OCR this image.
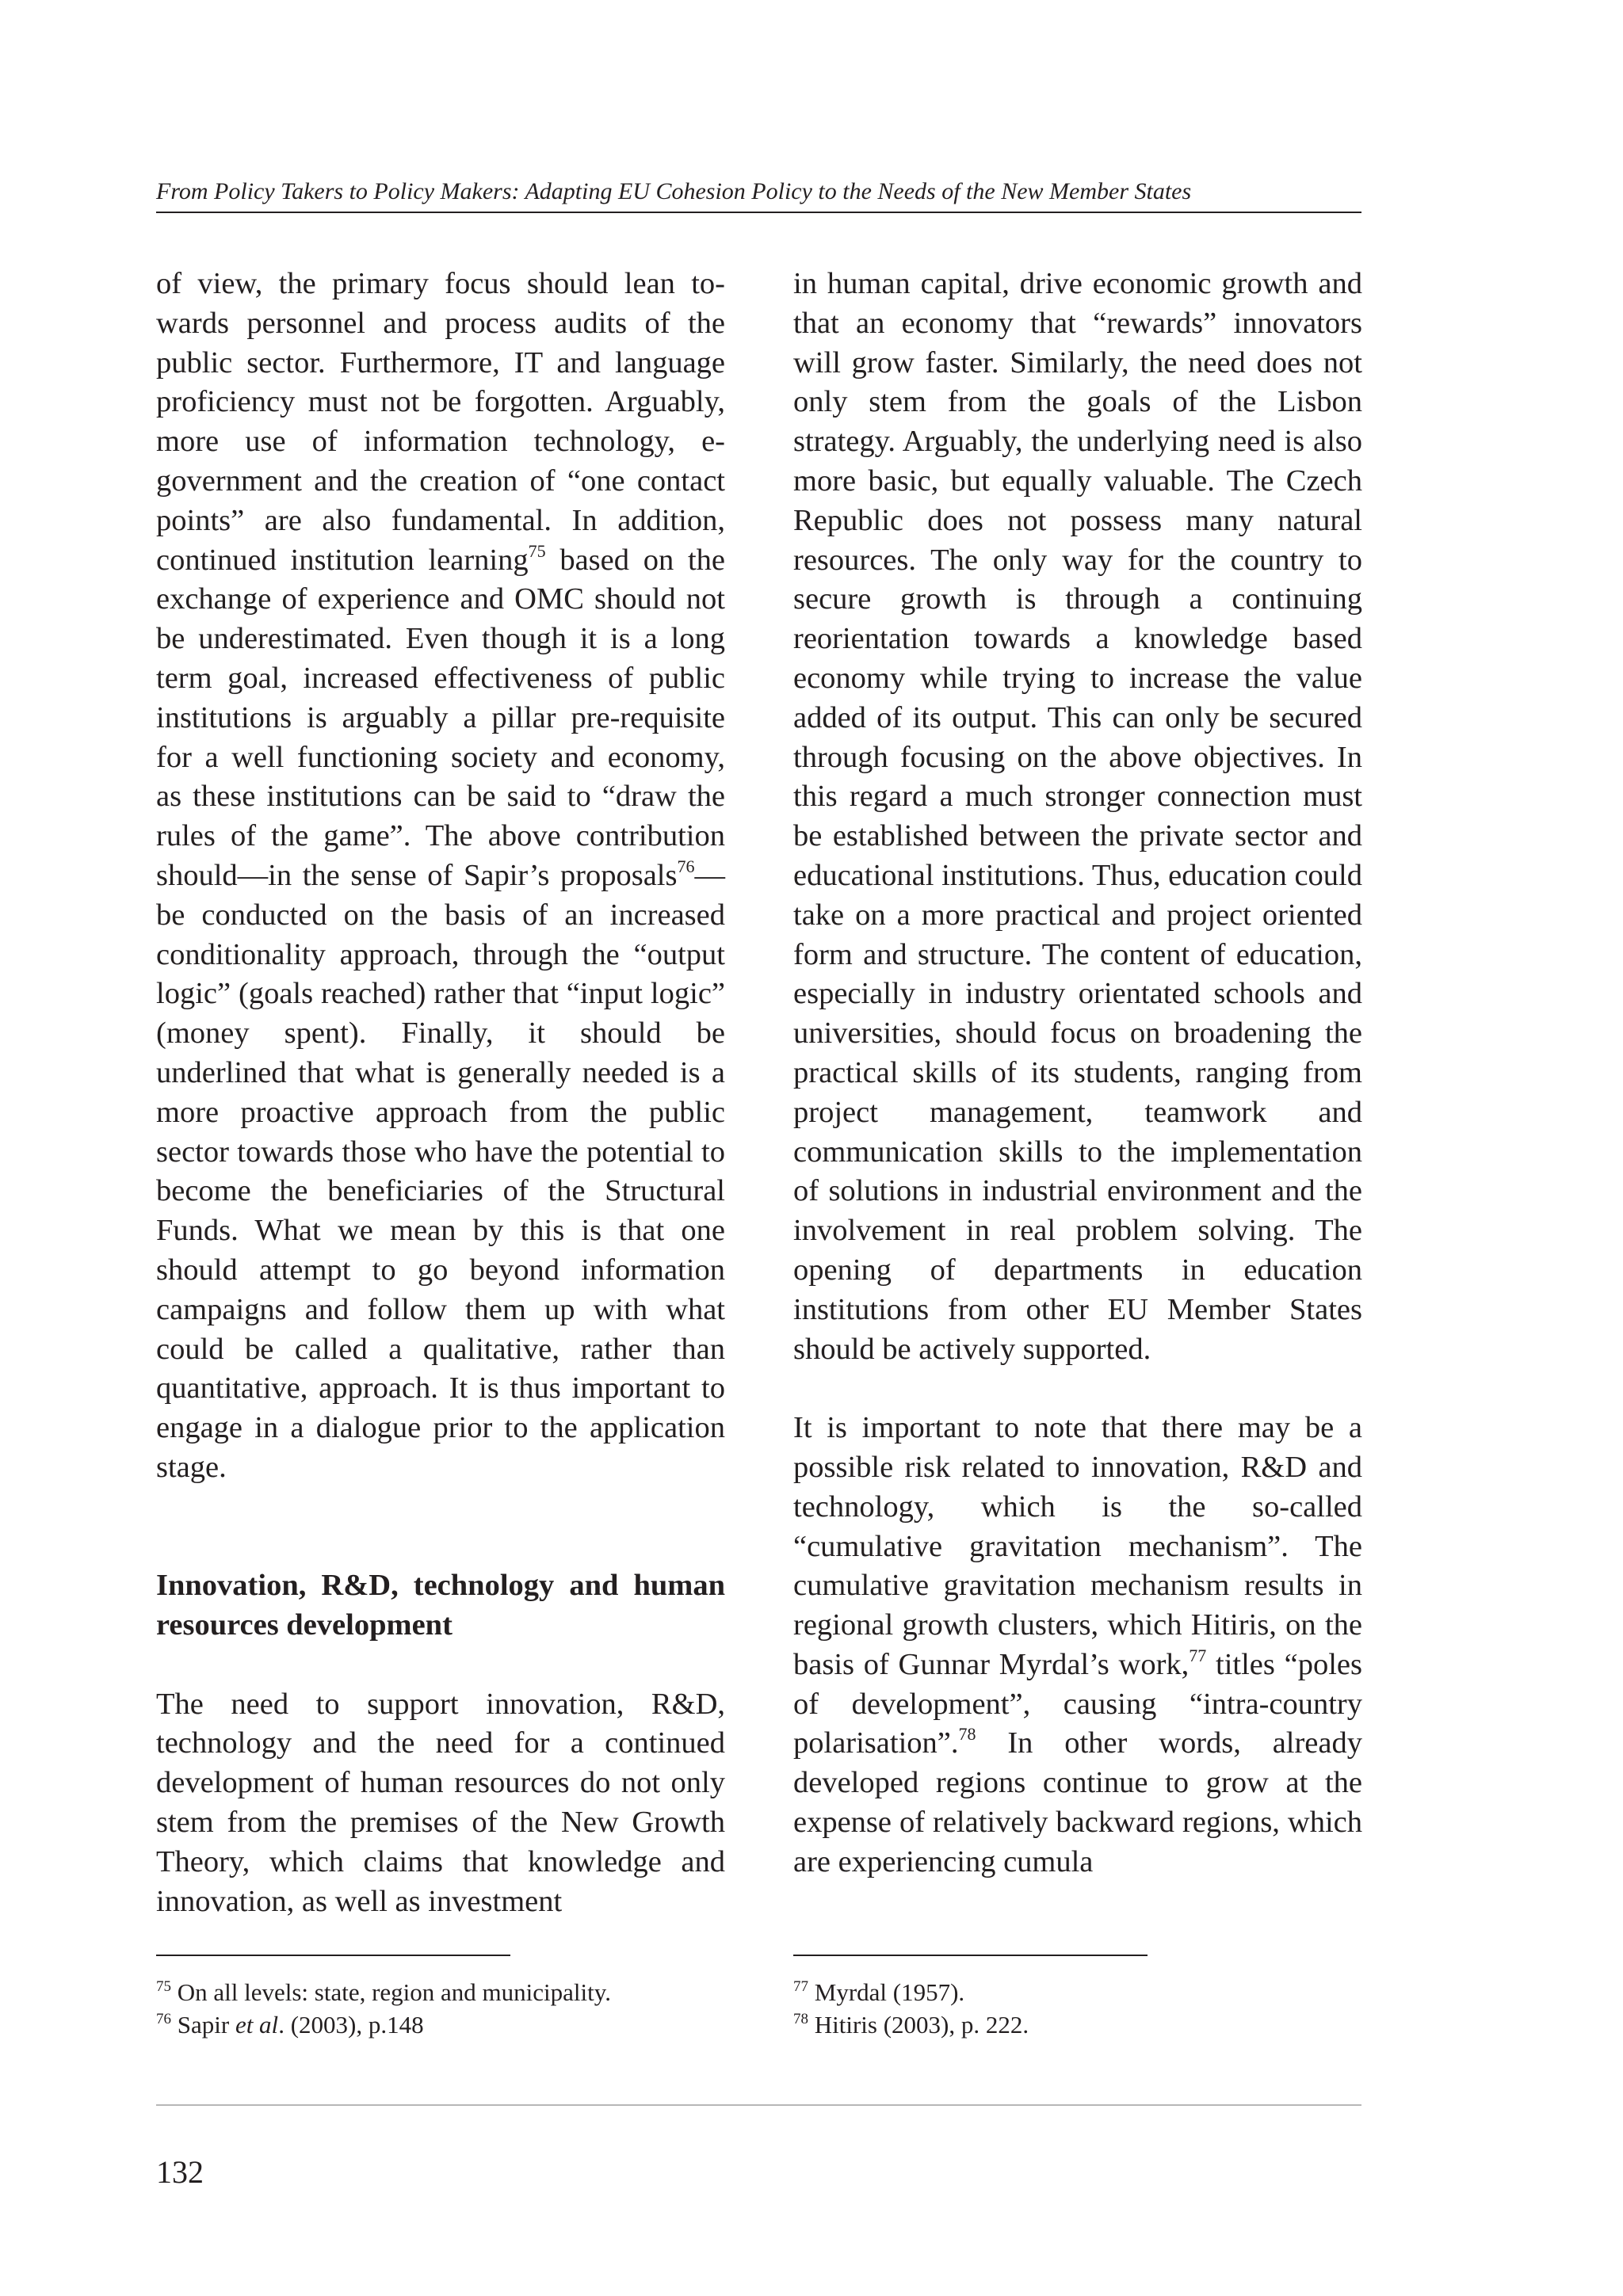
From Policy Takers to Policy Makers: Adapting EU Cohesion Policy to the Needs of the New Member States

of view, the primary focus should lean towards personnel and process audits of the public sector. Furthermore, IT and language proficiency must not be forgotten. Arguably, more use of information technology, e-government and the creation of “one contact points” are also fundamental. In addition, continued institution learning$^{75}$ based on the exchange of experience and OMC should not be underestimated. Even though it is a long term goal, increased effectiveness of public institutions is arguably a pillar pre-requisite for a well functioning society and economy, as these institutions can be said to “draw the rules of the game”. The above contribution should—in the sense of Sapir’s proposals$^{76}$—be conducted on the basis of an increased conditionality approach, through the “output logic” (goals reached) rather that “input logic” (money spent). Finally, it should be underlined that what is generally needed is a more proactive approach from the public sector towards those who have the potential to become the beneficiaries of the Structural Funds. What we mean by this is that one should attempt to go beyond information campaigns and follow them up with what could be called a qualitative, rather than quantitative, approach. It is thus important to engage in a dialogue prior to the application stage.

Innovation, R&D, technology and human resources development

The need to support innovation, R&D, technology and the need for a continued development of human resources do not only stem from the premises of the New Growth Theory, which claims that knowledge and innovation, as well as investment

in human capital, drive economic growth and that an economy that “rewards” innovators will grow faster. Similarly, the need does not only stem from the goals of the Lisbon strategy. Arguably, the underlying need is also more basic, but equally valuable. The Czech Republic does not possess many natural resources. The only way for the country to secure growth is through a continuing reorientation towards a knowledge based economy while trying to increase the value added of its output. This can only be secured through focusing on the above objectives. In this regard a much stronger connection must be established between the private sector and educational institutions. Thus, education could take on a more practical and project oriented form and structure. The content of education, especially in industry orientated schools and universities, should focus on broadening the practical skills of its students, ranging from project management, teamwork and communication skills to the implementation of solutions in industrial environment and the involvement in real problem solving. The opening of departments in education institutions from other EU Member States should be actively supported.

It is important to note that there may be a possible risk related to innovation, R&D and technology, which is the so-called “cumulative gravitation mechanism”. The cumulative gravitation mechanism results in regional growth clusters, which Hitiris, on the basis of Gunnar Myrdal’s work,$^{77}$ titles “poles of development”, causing “intra-country polarisation”.$^{78}$ In other words, already developed regions continue to grow at the expense of relatively backward regions, which are experiencing cumula

$^{75}$ On all levels: state, region and municipality.

$^{76}$ Sapir et al. (2003), p.148

$^{77}$ Myrdal (1957).

$^{78}$ Hitiris (2003), p. 222.

132
